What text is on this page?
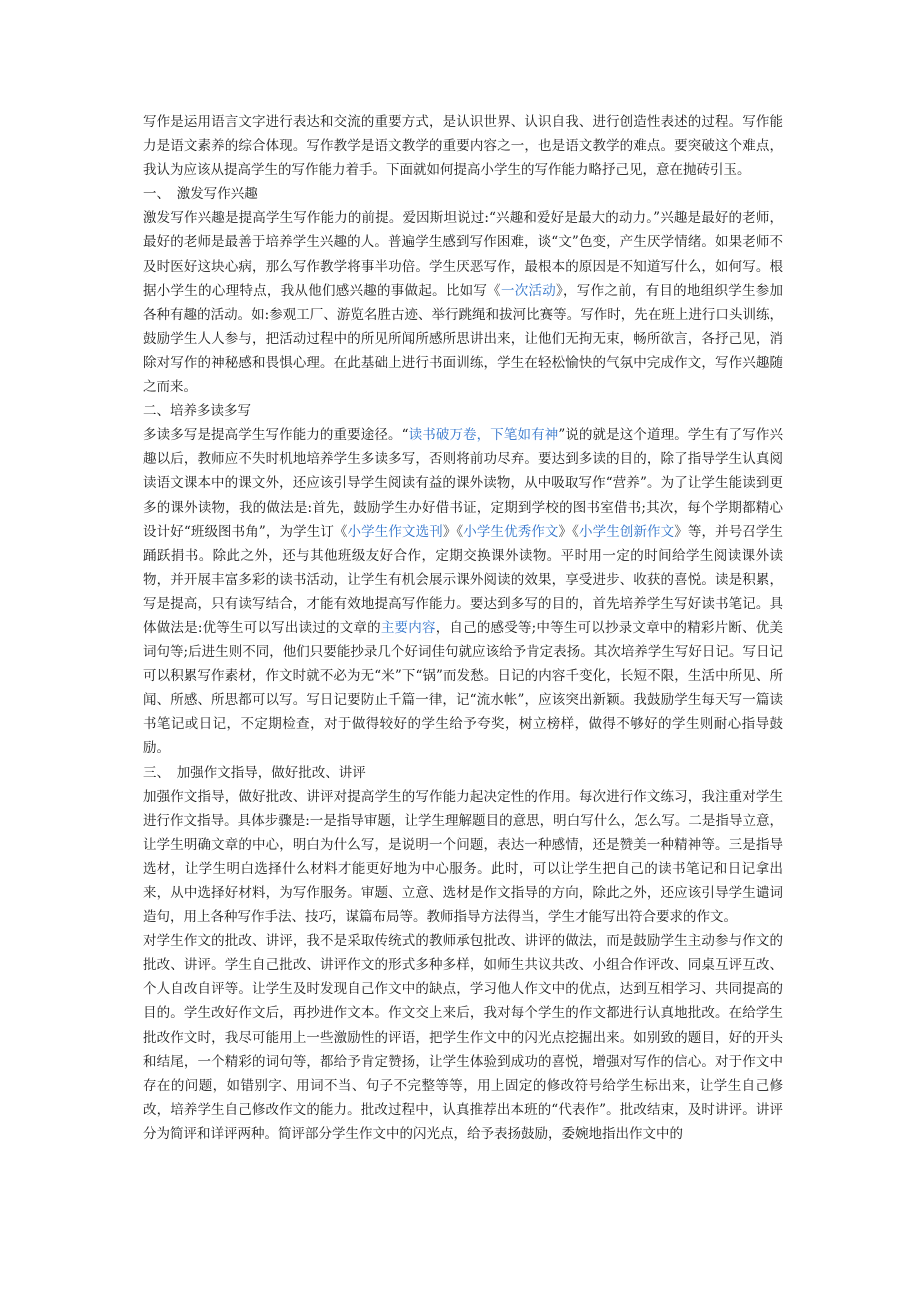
写作是运用语言文字进行表达和交流的重要方式，是认识世界、认识自我、进行创造性表述的过程。写作能力是语文素养的综合体现。写作教学是语文教学的重要内容之一，也是语文教学的难点。要突破这个难点，我认为应该从提高学生的写作能力着手。下面就如何提高小学生的写作能力略抒己见，意在抛砖引玉。

一、　激发写作兴趣

激发写作兴趣是提高学生写作能力的前提。爱因斯坦说过:“兴趣和爱好是最大的动力。”兴趣是最好的老师，最好的老师是最善于培养学生兴趣的人。普遍学生感到写作困难，谈“文”色变，产生厌学情绪。如果老师不及时医好这块心病，那么写作教学将事半功倍。学生厌恶写作，最根本的原因是不知道写什么，如何写。根据小学生的心理特点，我从他们感兴趣的事做起。比如写《一次活动》，写作之前，有目的地组织学生参加各种有趣的活动。如:参观工厂、游览名胜古迹、举行跳绳和拔河比赛等。写作时，先在班上进行口头训练，鼓励学生人人参与，把活动过程中的所见所闻所感所思讲出来，让他们无拘无束，畅所欲言，各抒己见，消除对写作的神秘感和畏惧心理。在此基础上进行书面训练，学生在轻松愉快的气氛中完成作文，写作兴趣随之而来。

二、培养多读多写

多读多写是提高学生写作能力的重要途径。“读书破万卷，下笔如有神”说的就是这个道理。学生有了写作兴趣以后，教师应不失时机地培养学生多读多写，否则将前功尽弃。要达到多读的目的，除了指导学生认真阅读语文课本中的课文外，还应该引导学生阅读有益的课外读物，从中吸取写作“营养”。为了让学生能读到更多的课外读物，我的做法是:首先，鼓励学生办好借书证，定期到学校的图书室借书;其次，每个学期都精心设计好“班级图书角”，为学生订《小学生作文选刊》《小学生优秀作文》《小学生创新作文》等，并号召学生踊跃捐书。除此之外，还与其他班级友好合作，定期交换课外读物。平时用一定的时间给学生阅读课外读物，并开展丰富多彩的读书活动，让学生有机会展示课外阅读的效果，享受进步、收获的喜悦。读是积累，写是提高，只有读写结合，才能有效地提高写作能力。要达到多写的目的，首先培养学生写好读书笔记。具体做法是:优等生可以写出读过的文章的主要内容，自己的感受等;中等生可以抄录文章中的精彩片断、优美词句等;后进生则不同，他们只要能抄录几个好词佳句就应该给予肯定表扬。其次培养学生写好日记。写日记可以积累写作素材，作文时就不必为无“米”下“锅”而发愁。日记的内容千变化，长短不限，生活中所见、所闻、所感、所思都可以写。写日记要防止千篇一律，记“流水帐”，应该突出新颖。我鼓励学生每天写一篇读书笔记或日记，不定期检查，对于做得较好的学生给予夸奖，树立榜样，做得不够好的学生则耐心指导鼓励。

三、　加强作文指导，做好批改、讲评

加强作文指导，做好批改、讲评对提高学生的写作能力起决定性的作用。每次进行作文练习，我注重对学生进行作文指导。具体步骤是:一是指导审题，让学生理解题目的意思，明白写什么，怎么写。二是指导立意，让学生明确文章的中心，明白为什么写，是说明一个问题，表达一种感情，还是赞美一种精神等。三是指导选材，让学生明白选择什么材料才能更好地为中心服务。此时，可以让学生把自己的读书笔记和日记拿出来，从中选择好材料，为写作服务。审题、立意、选材是作文指导的方向，除此之外，还应该引导学生谴词造句，用上各种写作手法、技巧，谋篇布局等。教师指导方法得当，学生才能写出符合要求的作文。

对学生作文的批改、讲评，我不是采取传统式的教师承包批改、讲评的做法，而是鼓励学生主动参与作文的批改、讲评。学生自己批改、讲评作文的形式多种多样，如师生共议共改、小组合作评改、同桌互评互改、个人自改自评等。让学生及时发现自己作文中的缺点，学习他人作文中的优点，达到互相学习、共同提高的目的。学生改好作文后，再抄进作文本。作文交上来后，我对每个学生的作文都进行认真地批改。在给学生批改作文时，我尽可能用上一些激励性的评语，把学生作文中的闪光点挖掘出来。如别致的题目，好的开头和结尾，一个精彩的词句等，都给予肯定赞扬，让学生体验到成功的喜悦，增强对写作的信心。对于作文中存在的问题，如错别字、用词不当、句子不完整等等，用上固定的修改符号给学生标出来，让学生自己修改，培养学生自己修改作文的能力。批改过程中，认真推荐出本班的“代表作”。批改结束，及时讲评。讲评分为简评和详评两种。简评部分学生作文中的闪光点，给予表扬鼓励，委婉地指出作文中的
